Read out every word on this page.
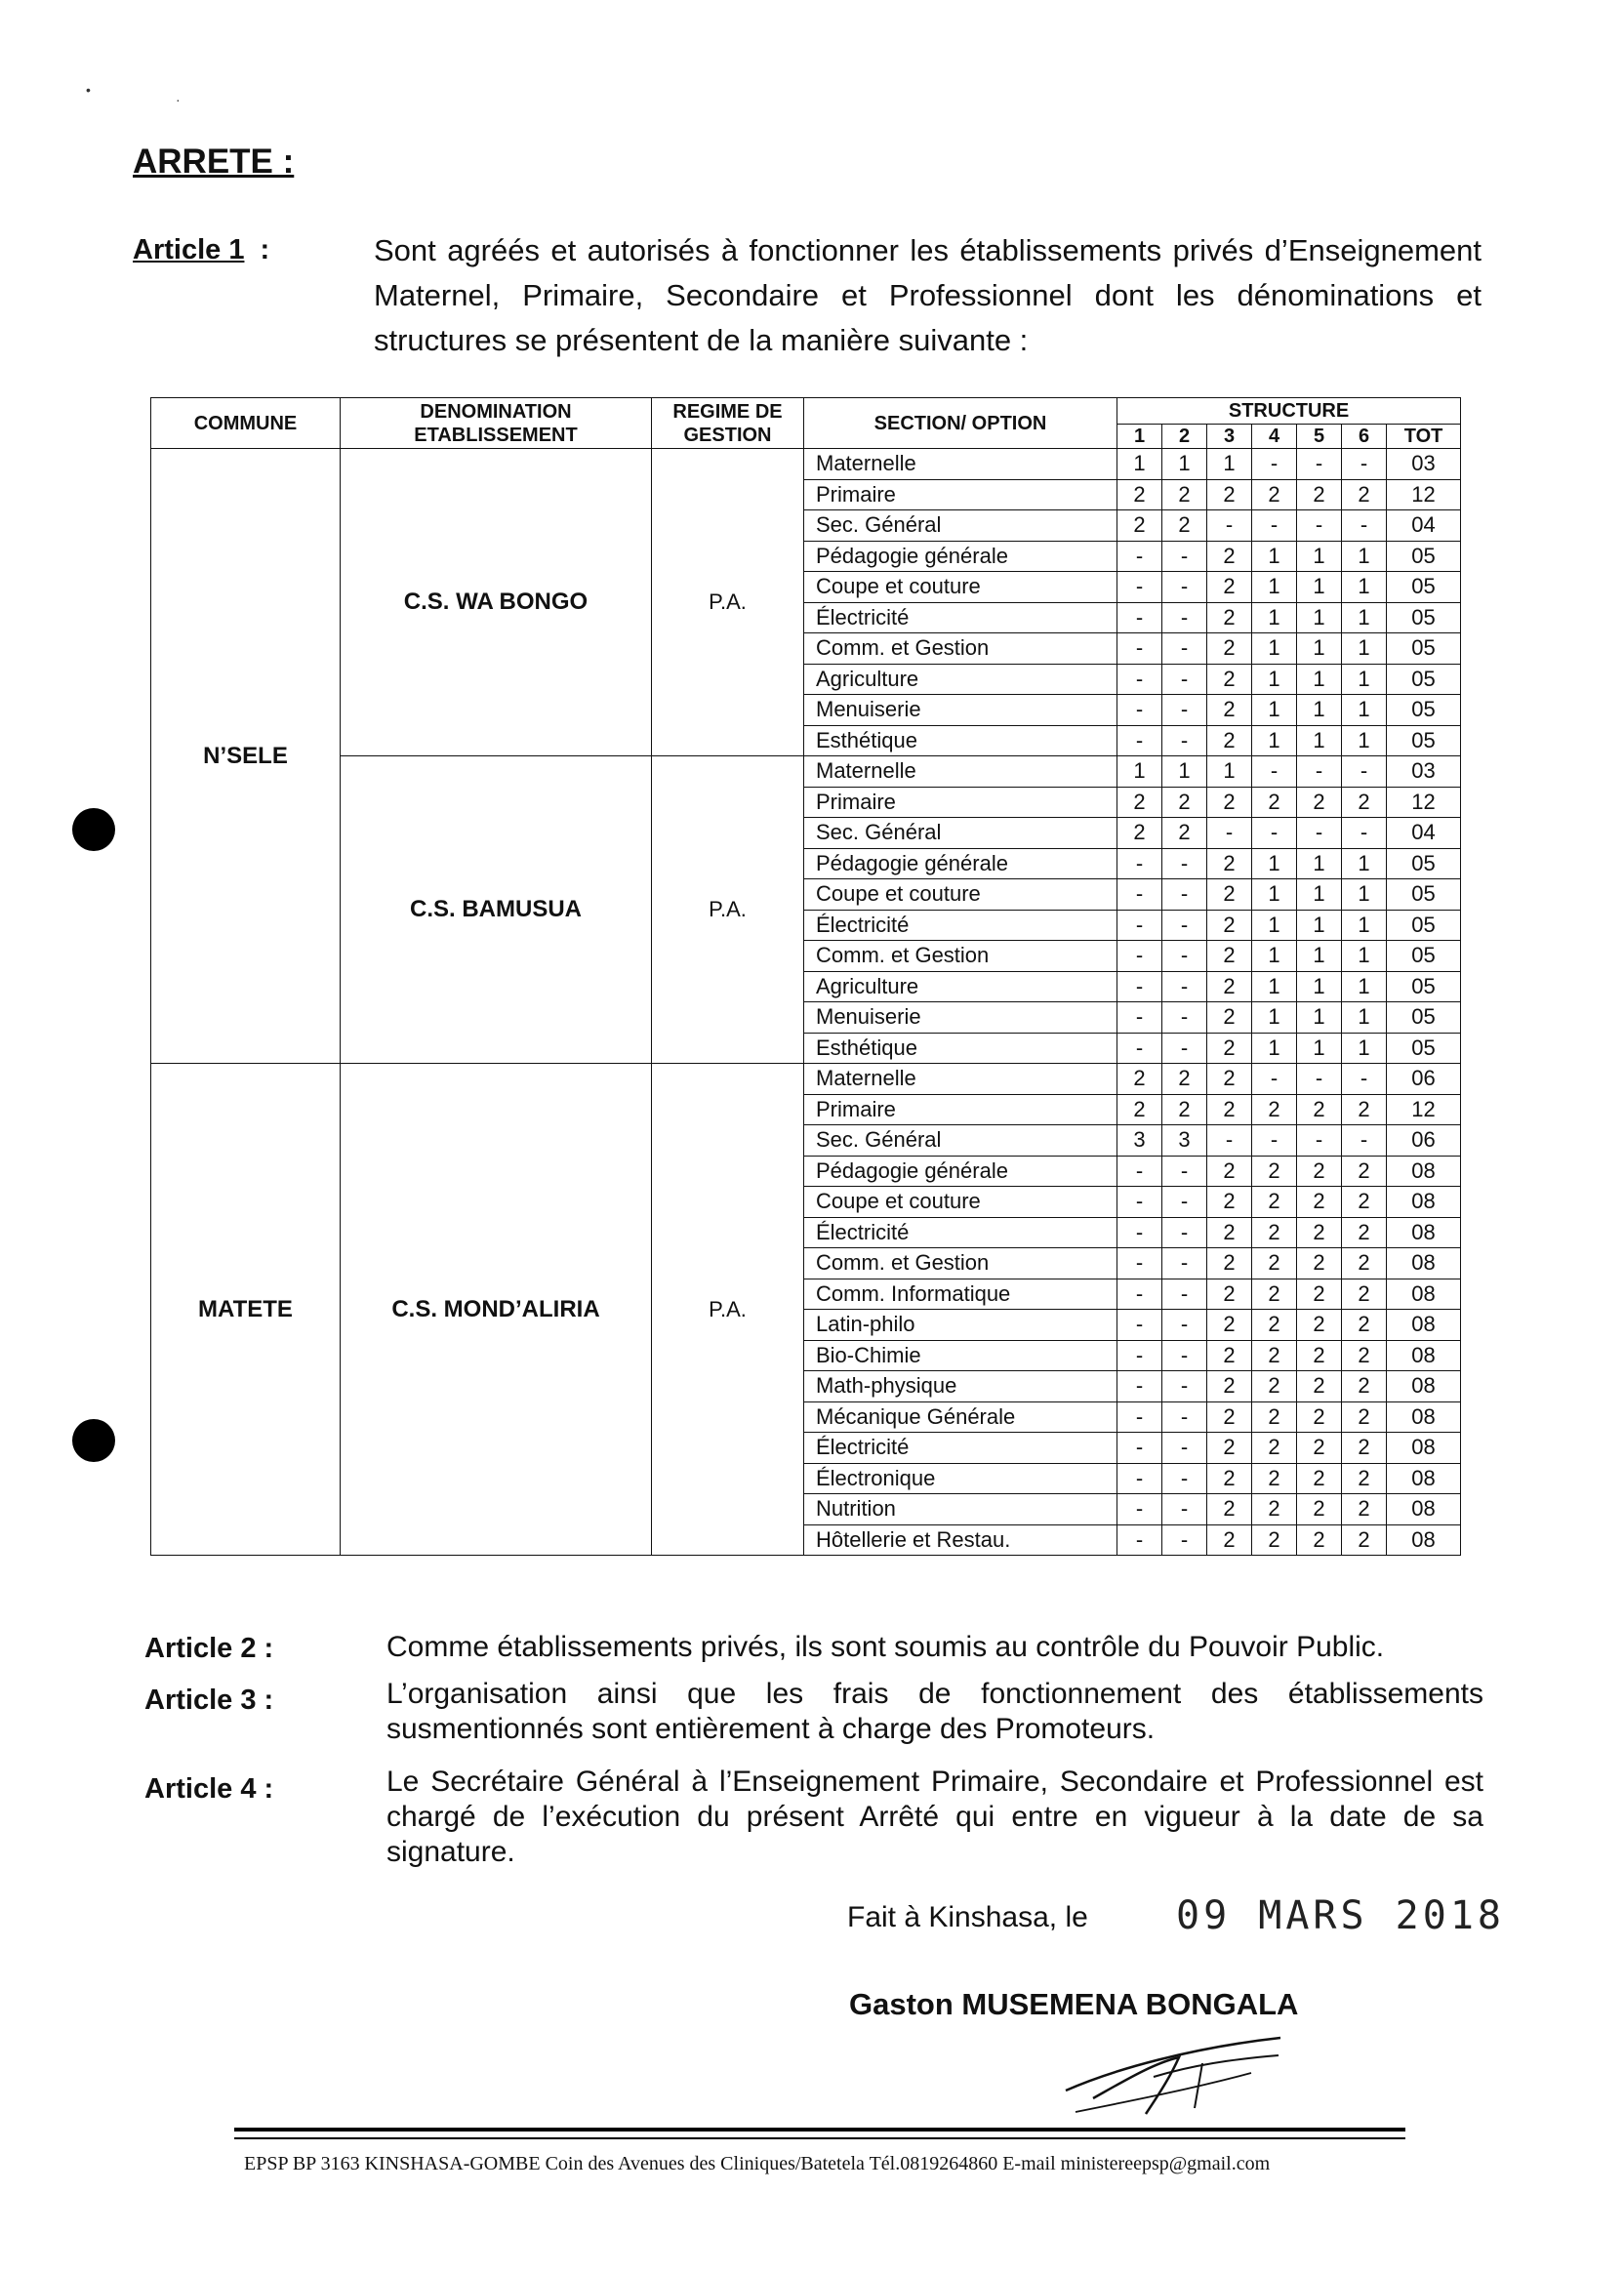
•
·
ARRETE :
Article 1 :	Sont agréés et autorisés à fonctionner les établissements privés d’Enseignement Maternel, Primaire, Secondaire et Professionnel dont les dénominations et structures se présentent de la manière suivante :
COMMUNE	DENOMINATION ETABLISSEMENT	REGIME DE GESTION	SECTION/ OPTION	STRUCTURE						
				1	2	3	4	5	6	TOT
N’SELE	C.S. WA BONGO	P.A.	Maternelle	1	1	1	-	-	-	03
			Primaire	2	2	2	2	2	2	12
			Sec. Général	2	2	-	-	-	-	04
			Pédagogie générale	-	-	2	1	1	1	05
			Coupe et couture	-	-	2	1	1	1	05
			Électricité	-	-	2	1	1	1	05
			Comm. et Gestion	-	-	2	1	1	1	05
			Agriculture	-	-	2	1	1	1	05
			Menuiserie	-	-	2	1	1	1	05
			Esthétique	-	-	2	1	1	1	05
	C.S. BAMUSUA	P.A.	Maternelle	1	1	1	-	-	-	03
			Primaire	2	2	2	2	2	2	12
			Sec. Général	2	2	-	-	-	-	04
			Pédagogie générale	-	-	2	1	1	1	05
			Coupe et couture	-	-	2	1	1	1	05
			Électricité	-	-	2	1	1	1	05
			Comm. et Gestion	-	-	2	1	1	1	05
			Agriculture	-	-	2	1	1	1	05
			Menuiserie	-	-	2	1	1	1	05
			Esthétique	-	-	2	1	1	1	05
MATETE	C.S. MOND’ALIRIA	P.A.	Maternelle	2	2	2	-	-	-	06
			Primaire	2	2	2	2	2	2	12
			Sec. Général	3	3	-	-	-	-	06
			Pédagogie générale	-	-	2	2	2	2	08
			Coupe et couture	-	-	2	2	2	2	08
			Électricité	-	-	2	2	2	2	08
			Comm. et Gestion	-	-	2	2	2	2	08
			Comm. Informatique	-	-	2	2	2	2	08
			Latin-philo	-	-	2	2	2	2	08
			Bio-Chimie	-	-	2	2	2	2	08
			Math-physique	-	-	2	2	2	2	08
			Mécanique Générale	-	-	2	2	2	2	08
			Électricité	-	-	2	2	2	2	08
			Électronique	-	-	2	2	2	2	08
			Nutrition	-	-	2	2	2	2	08
			Hôtellerie et Restau.	-	-	2	2	2	2	08
Article 2 :	Comme établissements privés, ils sont soumis au contrôle du Pouvoir Public.
Article 3 :	L’organisation ainsi que les frais de fonctionnement des établissements susmentionnés sont entièrement à charge des Promoteurs.
Article 4 :	Le Secrétaire Général à l’Enseignement Primaire, Secondaire et Professionnel est chargé de l’exécution du présent Arrêté qui entre en vigueur à la date de sa signature.
Fait à Kinshasa, le 09 MARS 2018
Gaston MUSEMENA BONGALA
EPSP BP 3163 KINSHASA-GOMBE Coin des Avenues des Cliniques/Batetela Tél.0819264860 E-mail ministereepsp@gmail.com
